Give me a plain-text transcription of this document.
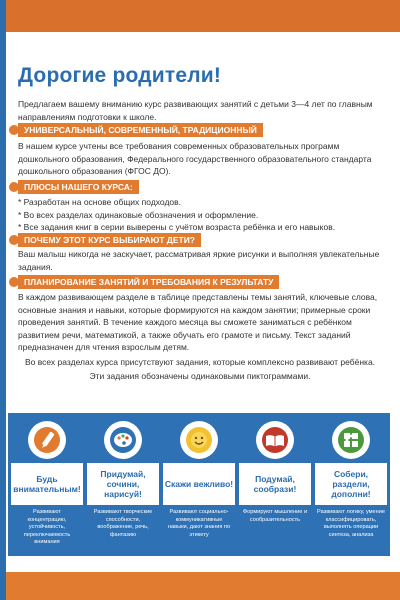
Дорогие родители!

Предлагаем вашему вниманию курс развивающих занятий с детьми 3—4 лет по главным направлениям подготовки к школе.

УНИВЕРСАЛЬНЫЙ, СОВРЕМЕННЫЙ, ТРАДИЦИОННЫЙ

В нашем курсе учтены все требования современных образовательных программ дошкольного образования, Федерального государственного образовательного стандарта дошкольного образования (ФГОС ДО).

ПЛЮСЫ НАШЕГО КУРСА:
* Разработан на основе общих подходов.
* Во всех разделах одинаковые обозначения и оформление.
* Все задания книг в серии выверены с учётом возраста ребёнка и его навыков.
ПОЧЕМУ ЭТОТ КУРС ВЫБИРАЮТ ДЕТИ?

Ваш малыш никогда не заскучает, рассматривая яркие рисунки и выполняя увлекательные задания.

ПЛАНИРОВАНИЕ ЗАНЯТИЙ И ТРЕБОВАНИЯ К РЕЗУЛЬТАТУ

В каждом развивающем разделе в таблице представлены темы занятий, ключевые слова, основные знания и навыки, которые формируются на каждом занятии; примерные сроки проведения занятий. В течение каждого месяца вы сможете заниматься с ребёнком развитием речи, математикой, а также обучать его грамоте и письму. Текст заданий предназначен для чтения взрослым детям.

Во всех разделах курса присутствуют задания, которые комплексно развивают ребёнка.

Эти задания обозначены одинаковыми пиктограммами.

Будь внимательным!
Развивают концентрацию, устойчивость, переключаемость внимания
Придумай, сочини, нарисуй!
Развивают творческие способности, воображение, речь, фантазию
Скажи вежливо!
Развивают социально-коммуникативные навыки, дают знания по этикету
Подумай, сообрази!
Формируют мышление и сообразительность
Собери, раздели, дополни!
Развивают логику, умение классифицировать, выполнять операции синтеза, анализа
